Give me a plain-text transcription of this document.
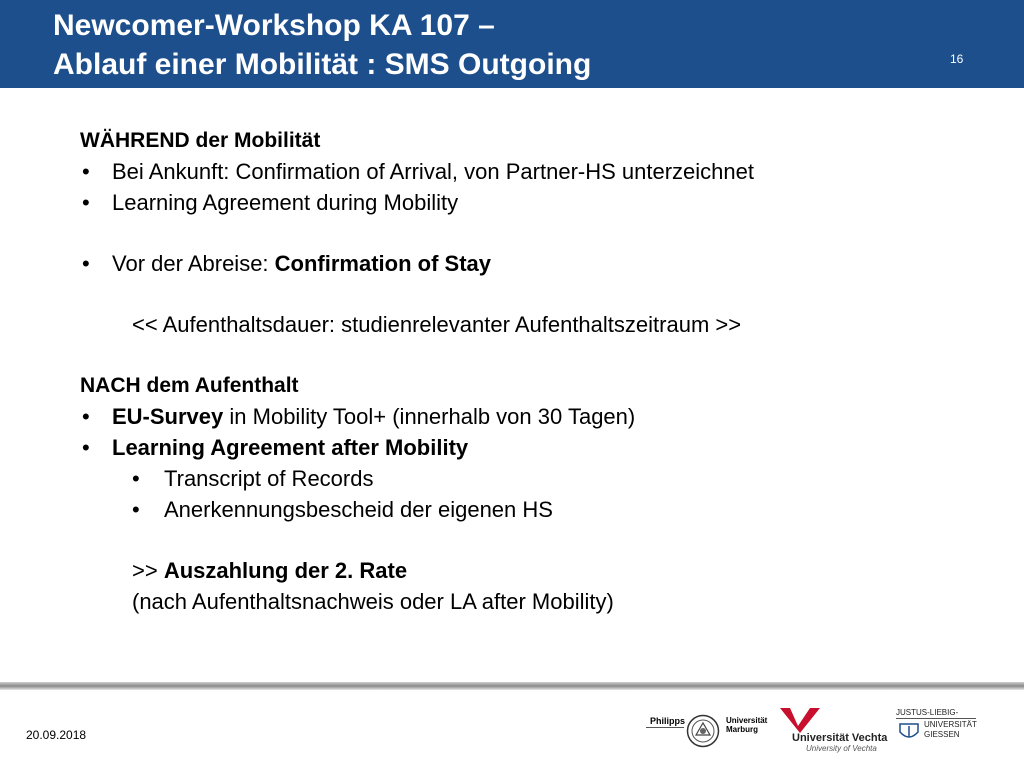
Newcomer-Workshop KA 107 –
Ablauf einer Mobilität : SMS Outgoing	16
WÄHREND der Mobilität
• Bei Ankunft: Confirmation of Arrival, von Partner-HS unterzeichnet
• Learning Agreement during Mobility
• Vor der Abreise: Confirmation of Stay
<< Aufenthaltsdauer: studienrelevanter Aufenthaltszeitraum >>
NACH dem Aufenthalt
• EU-Survey in Mobility Tool+ (innerhalb von 30 Tagen)
• Learning Agreement after Mobility
• Transcript of Records
• Anerkennungsbescheid der eigenen HS
>> Auszahlung der 2. Rate
(nach Aufenthaltsnachweis oder LA after Mobility)
20.09.2018
Philipps	Universität
Marburg
Universität Vechta
University of Vechta
JUSTUS-LIEBIG-
UNIVERSITÄT
GIESSEN
